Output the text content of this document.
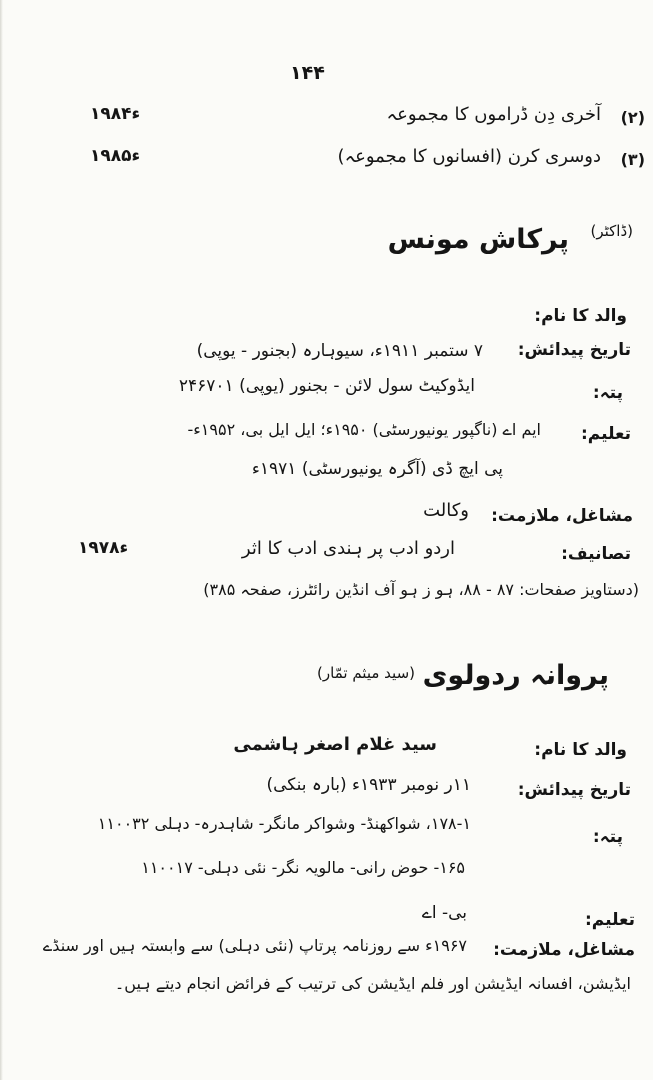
۱۴۴
(۲)
آخری دِن ڈراموں کا مجموعہ
۱۹۸۴ء
(۳)
دوسری کرن (افسانوں کا مجموعہ)
۱۹۸۵ء
(ڈاکٹر)
پرکاش مونس
والد کا نام:
تاریخ پیدائش:
۷ ستمبر ۱۹۱۱ء، سیوہارہ (بجنور - یوپی)
پتہ:
ایڈوکیٹ سول لائن - بجنور (یوپی) ۲۴۶۷۰۱
تعلیم:
ایم اے (ناگپور یونیورسٹی) ۱۹۵۰ء؛ ایل ایل بی، ۱۹۵۲ء-
پی ایچ ڈی (آگرہ یونیورسٹی) ۱۹۷۱ء
مشاغل، ملازمت:
وکالت
تصانیف:
اردو ادب پر ہندی ادب کا اثر
۱۹۷۸ء
(دستاویز صفحات: ۸۷ - ۸۸، ہو ز ہو آف انڈین رائٹرز، صفحہ ۳۸۵)
پروانہ ردولوی
(سید میثم تمّار)
والد کا نام:
سید غلام اصغر ہاشمی
تاریخ پیدائش:
۱۱ر نومبر ۱۹۳۳ء (بارہ بنکی)
پتہ:
۱۷۸-۱، شواکھنڈ- وشواکر مانگر- شاہدرہ- دہلی ۱۱۰۰۳۲
۱۶۵- حوض رانی- مالویہ نگر- نئی دہلی- ۱۱۰۰۱۷
تعلیم:
بی- اے
مشاغل، ملازمت:
۱۹۶۷ء سے روزنامہ پرتاپ (نئی دہلی) سے وابستہ ہیں اور سنڈے
ایڈیشن، افسانہ ایڈیشن اور فلم ایڈیشن کی ترتیب کے فرائض انجام دیتے ہیں۔
